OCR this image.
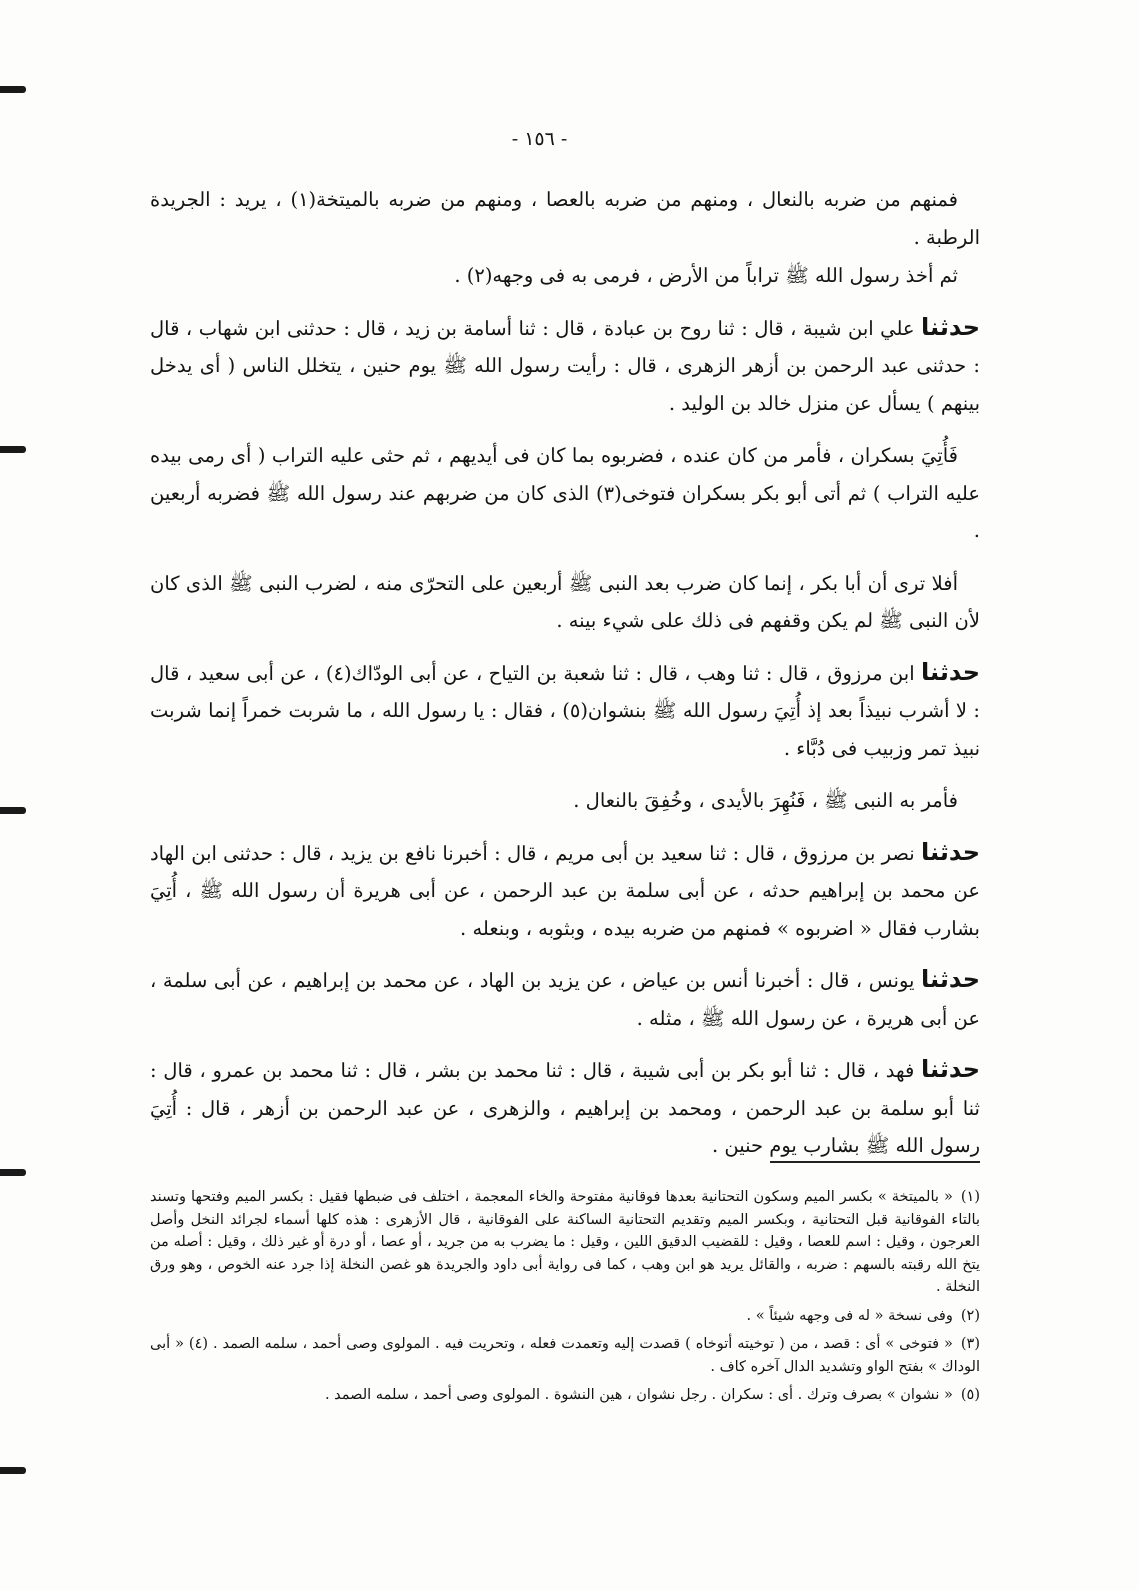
- ١٥٦ -

فمنهم من ضربه بالنعال ، ومنهم من ضربه بالعصا ، ومنهم من ضربه بالميتخة(١) ، يريد : الجريدة الرطبة .

ثم أخذ رسول الله ﷺ تراباً من الأرض ، فرمى به فى وجهه(٢) .

حدثنا علي ابن شيبة ، قال : ثنا روح بن عبادة ، قال : ثنا أسامة بن زيد ، قال : حدثنى ابن شهاب ، قال : حدثنى عبد الرحمن بن أزهر الزهرى ، قال : رأيت رسول الله ﷺ يوم حنين ، يتخلل الناس ( أى يدخل بينهم ) يسأل عن منزل خالد بن الوليد .

فَأُتِيَ بسكران ، فأمر من كان عنده ، فضربوه بما كان فى أيديهم ، ثم حثى عليه التراب ( أى رمى بيده عليه التراب ) ثم أتى أبو بكر بسكران فتوخى(٣) الذى كان من ضربهم عند رسول الله ﷺ فضربه أربعين .

أفلا ترى أن أبا بكر ، إنما كان ضرب بعد النبى ﷺ أربعين على التحرّى منه ، لضرب النبى ﷺ الذى كان لأن النبى ﷺ لم يكن وقفهم فى ذلك على شيء بينه .

حدثنا ابن مرزوق ، قال : ثنا وهب ، قال : ثنا شعبة بن التياح ، عن أبى الودّاك(٤) ، عن أبى سعيد ، قال : لا أشرب نبيذاً بعد إذ أُتِيَ رسول الله ﷺ بنشوان(٥) ، فقال : يا رسول الله ، ما شربت خمراً إنما شربت نبيذ تمر وزبيب فى دُبَّاء .

فأمر به النبى ﷺ ، فَنُهِرَ بالأيدى ، وخُفِقَ بالنعال .

حدثنا نصر بن مرزوق ، قال : ثنا سعيد بن أبى مريم ، قال : أخبرنا نافع بن يزيد ، قال : حدثنى ابن الهاد عن محمد بن إبراهيم حدثه ، عن أبى سلمة بن عبد الرحمن ، عن أبى هريرة أن رسول الله ﷺ ، أُتِيَ بشارب فقال « اضربوه » فمنهم من ضربه بيده ، وبثوبه ، وبنعله .

حدثنا يونس ، قال : أخبرنا أنس بن عياض ، عن يزيد بن الهاد ، عن محمد بن إبراهيم ، عن أبى سلمة ، عن أبى هريرة ، عن رسول الله ﷺ ، مثله .

حدثنا فهد ، قال : ثنا أبو بكر بن أبى شيبة ، قال : ثنا محمد بن بشر ، قال : ثنا محمد بن عمرو ، قال : ثنا أبو سلمة بن عبد الرحمن ، ومحمد بن إبراهيم ، والزهرى ، عن عبد الرحمن بن أزهر ، قال : أُتِيَ رسول الله ﷺ بشارب يوم حنين .

(١)« بالميتخة » بكسر الميم وسكون التحتانية بعدها فوقانية مفتوحة والخاء المعجمة ، اختلف فى ضبطها فقيل : بكسر الميم وفتحها وتسند بالتاء الفوقانية قبل التحتانية ، وبكسر الميم وتقديم التحتانية الساكنة على الفوقانية ، قال الأزهرى : هذه كلها أسماء لجرائد النخل وأصل العرجون ، وقيل : اسم للعصا ، وقيل : للقضيب الدقيق اللين ، وقيل : ما يضرب به من جريد ، أو عصا ، أو درة أو غير ذلك ، وقيل : أصله من يتخ الله رقبته بالسهم : ضربه ، والقائل يريد هو ابن وهب ، كما فى رواية أبى داود والجريدة هو غصن النخلة إذا جرد عنه الخوص ، وهو ورق النخلة .

(٢)وفى نسخة « له فى وجهه شيئاً » .

(٣)« فتوخى » أى : قصد ، من ( توخيته أتوخاه ) قصدت إليه وتعمدت فعله ، وتحريت فيه . المولوى وصى أحمد ، سلمه الصمد . (٤) « أبى الوداك » بفتح الواو وتشديد الدال آخره كاف .

(٥)« نشوان » بصرف وترك . أى : سكران . رجل نشوان ، هين النشوة . المولوى وصى أحمد ، سلمه الصمد .
